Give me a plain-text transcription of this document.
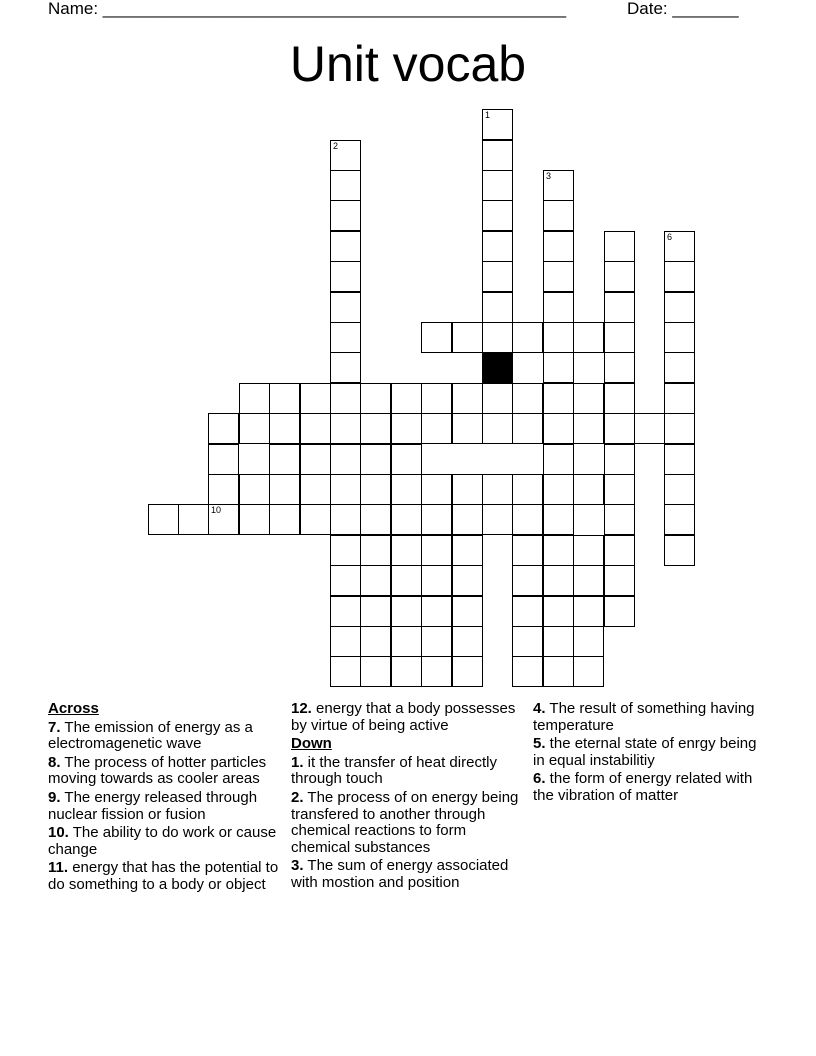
Name: _________________________________________________	Date: _______
Unit vocab
1
2
3
6
10
Across
7. The emission of energy as a electromagenetic wave
8. The process of hotter particles moving towards as cooler areas
9. The energy released through nuclear fission or fusion
10. The ability to do work or cause change
11. energy that has the potential to do something to a body or object
12. energy that a body possesses by virtue of being active
Down
1. it the transfer of heat directly through touch
2. The process of on energy being transfered to another through chemical reactions to form chemical substances
3. The sum of energy associated with mostion and position
4. The result of something having temperature
5. the eternal state of enrgy being in equal instabilitiy
6. the form of energy related with the vibration of matter
